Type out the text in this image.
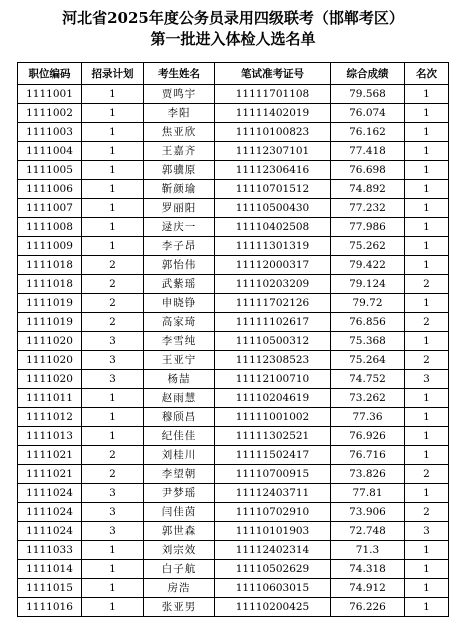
河北省2025年度公务员录用四级联考（邯郸考区）
第一批进入体检人选名单
职位编码	招录计划	考生姓名	笔试准考证号	综合成绩	名次
1111001	1	贾鸣宇	11111701108	79.568	1
1111002	1	李阳	11111402019	76.074	1
1111003	1	焦亚欣	11110100823	76.162	1
1111004	1	王嘉齐	11112307101	77.418	1
1111005	1	郭骥原	11112306416	76.698	1
1111006	1	靳颜瑜	11110701512	74.892	1
1111007	1	罗丽阳	11110500430	77.232	1
1111008	1	逯庆一	11110402508	77.986	1
1111009	1	李子昂	11111301319	75.262	1
1111018	2	郭怡伟	11112000317	79.422	1
1111018	2	武紫瑶	11110203209	79.124	2
1111019	2	申晓铮	11111702126	79.72	1
1111019	2	高家琦	11111102617	76.856	2
1111020	3	李雪纯	11110500312	75.368	1
1111020	3	王亚宁	11112308523	75.264	2
1111020	3	杨喆	11112100710	74.752	3
1111011	1	赵雨慧	11110204619	73.262	1
1111012	1	穆颀昌	11111001002	77.36	1
1111013	1	纪佳佳	11111302521	76.926	1
1111021	2	刘桂川	11111502417	76.716	1
1111021	2	李望朝	11110700915	73.826	2
1111024	3	尹梦瑶	11112403711	77.81	1
1111024	3	闫佳茵	11110702910	73.906	2
1111024	3	郭世森	11110101903	72.748	3
1111033	1	刘宗效	11112402314	71.3	1
1111014	1	白子航	11110502629	74.318	1
1111015	1	房浩	11110603015	74.912	1
1111016	1	张亚男	11110200425	76.226	1
